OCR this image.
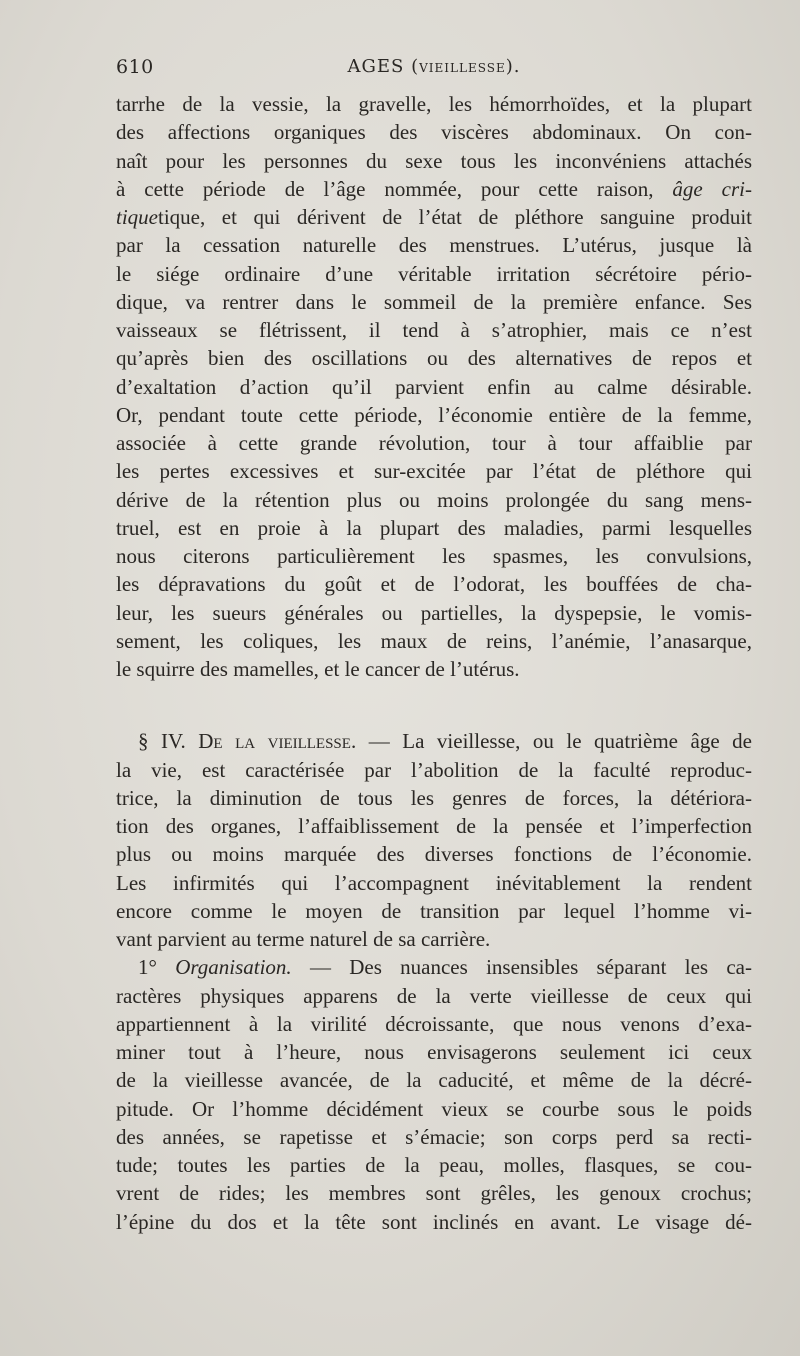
610	AGES (vieillesse).
tarrhe de la vessie, la gravelle, les hémorrhoïdes, et la plupart
des affections organiques des viscères abdominaux. On con-
naît pour les personnes du sexe tous les inconvéniens attachés
à cette période de l’âge nommée, pour cette raison, âge cri-
tiquetique, et qui dérivent de l’état de pléthore sanguine produit
par la cessation naturelle des menstrues. L’utérus, jusque là
le siége ordinaire d’une véritable irritation sécrétoire pério-
dique, va rentrer dans le sommeil de la première enfance. Ses
vaisseaux se flétrissent, il tend à s’atrophier, mais ce n’est
qu’après bien des oscillations ou des alternatives de repos et
d’exaltation d’action qu’il parvient enfin au calme désirable.
Or, pendant toute cette période, l’économie entière de la femme,
associée à cette grande révolution, tour à tour affaiblie par
les pertes excessives et sur-excitée par l’état de pléthore qui
dérive de la rétention plus ou moins prolongée du sang mens-
truel, est en proie à la plupart des maladies, parmi lesquelles
nous citerons particulièrement les spasmes, les convulsions,
les dépravations du goût et de l’odorat, les bouffées de cha-
leur, les sueurs générales ou partielles, la dyspepsie, le vomis-
sement, les coliques, les maux de reins, l’anémie, l’anasarque,
le squirre des mamelles, et le cancer de l’utérus.
§ IV. De la vieillesse. — La vieillesse, ou le quatrième âge de
la vie, est caractérisée par l’abolition de la faculté reproduc-
trice, la diminution de tous les genres de forces, la détériora-
tion des organes, l’affaiblissement de la pensée et l’imperfection
plus ou moins marquée des diverses fonctions de l’économie.
Les infirmités qui l’accompagnent inévitablement la rendent
encore comme le moyen de transition par lequel l’homme vi-
vant parvient au terme naturel de sa carrière.
1° Organisation. — Des nuances insensibles séparant les ca-
ractères physiques apparens de la verte vieillesse de ceux qui
appartiennent à la virilité décroissante, que nous venons d’exa-
miner tout à l’heure, nous envisagerons seulement ici ceux
de la vieillesse avancée, de la caducité, et même de la décré-
pitude. Or l’homme décidément vieux se courbe sous le poids
des années, se rapetisse et s’émacie; son corps perd sa recti-
tude; toutes les parties de la peau, molles, flasques, se cou-
vrent de rides; les membres sont grêles, les genoux crochus;
l’épine du dos et la tête sont inclinés en avant. Le visage dé-
